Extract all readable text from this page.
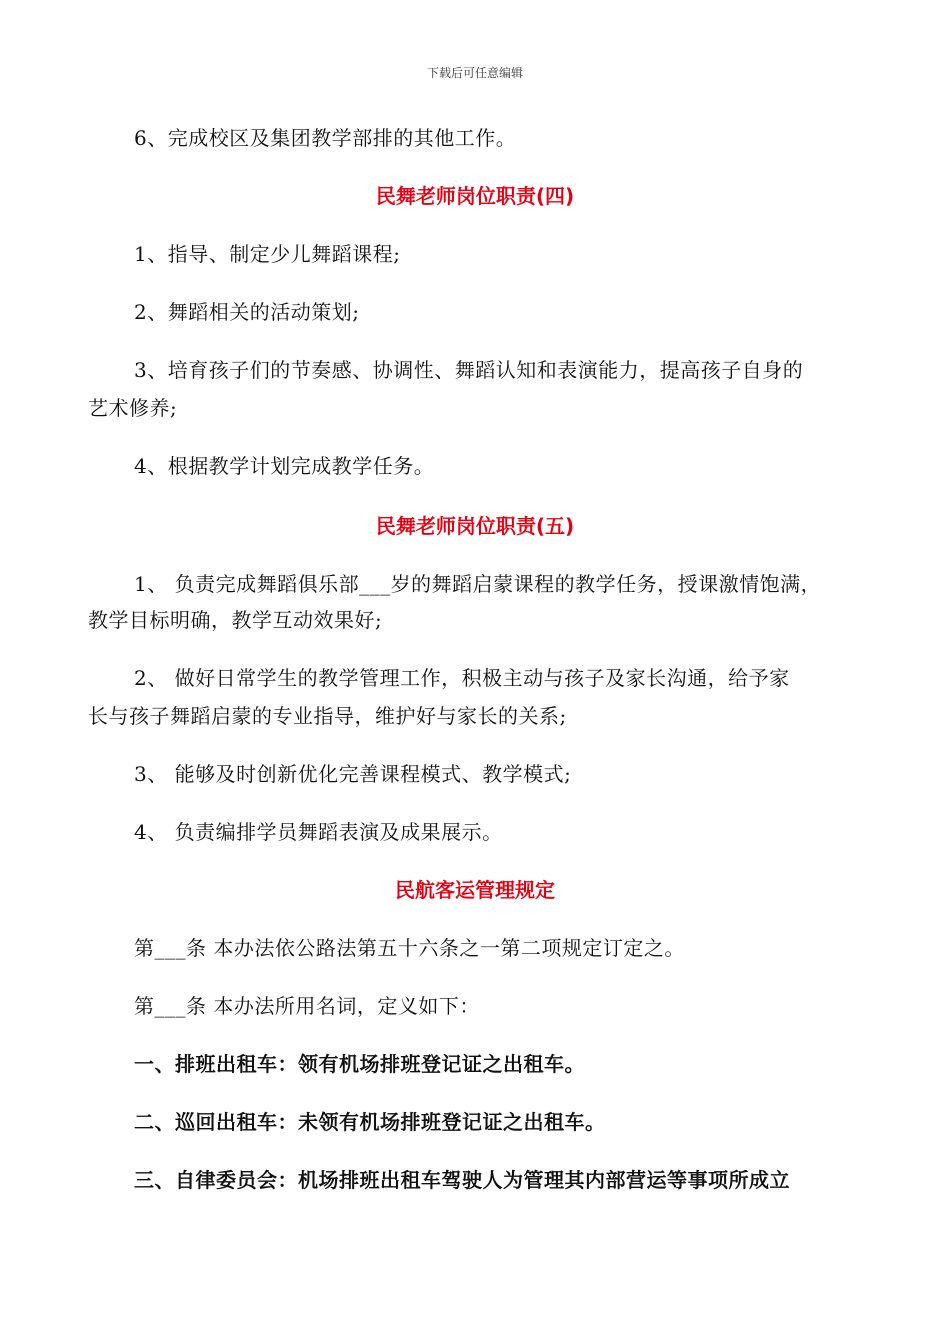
下载后可任意编辑
6、完成校区及集团教学部排的其他工作。
民舞老师岗位职责(四)
1、指导、制定少儿舞蹈课程;
2、舞蹈相关的活动策划;
3、培育孩子们的节奏感、协调性、舞蹈认知和表演能力，提高孩子自身的
艺术修养;
4、根据教学计划完成教学任务。
民舞老师岗位职责(五)
1、 负责完成舞蹈俱乐部___岁的舞蹈启蒙课程的教学任务，授课激情饱满，
教学目标明确，教学互动效果好;
2、 做好日常学生的教学管理工作，积极主动与孩子及家长沟通，给予家
长与孩子舞蹈启蒙的专业指导，维护好与家长的关系;
3、 能够及时创新优化完善课程模式、教学模式;
4、 负责编排学员舞蹈表演及成果展示。
民航客运管理规定
第___条 本办法依公路法第五十六条之一第二项规定订定之。
第___条 本办法所用名词，定义如下：
一、排班出租车：领有机场排班登记证之出租车。
二、巡回出租车：未领有机场排班登记证之出租车。
三、自律委员会：机场排班出租车驾驶人为管理其内部营运等事项所成立
